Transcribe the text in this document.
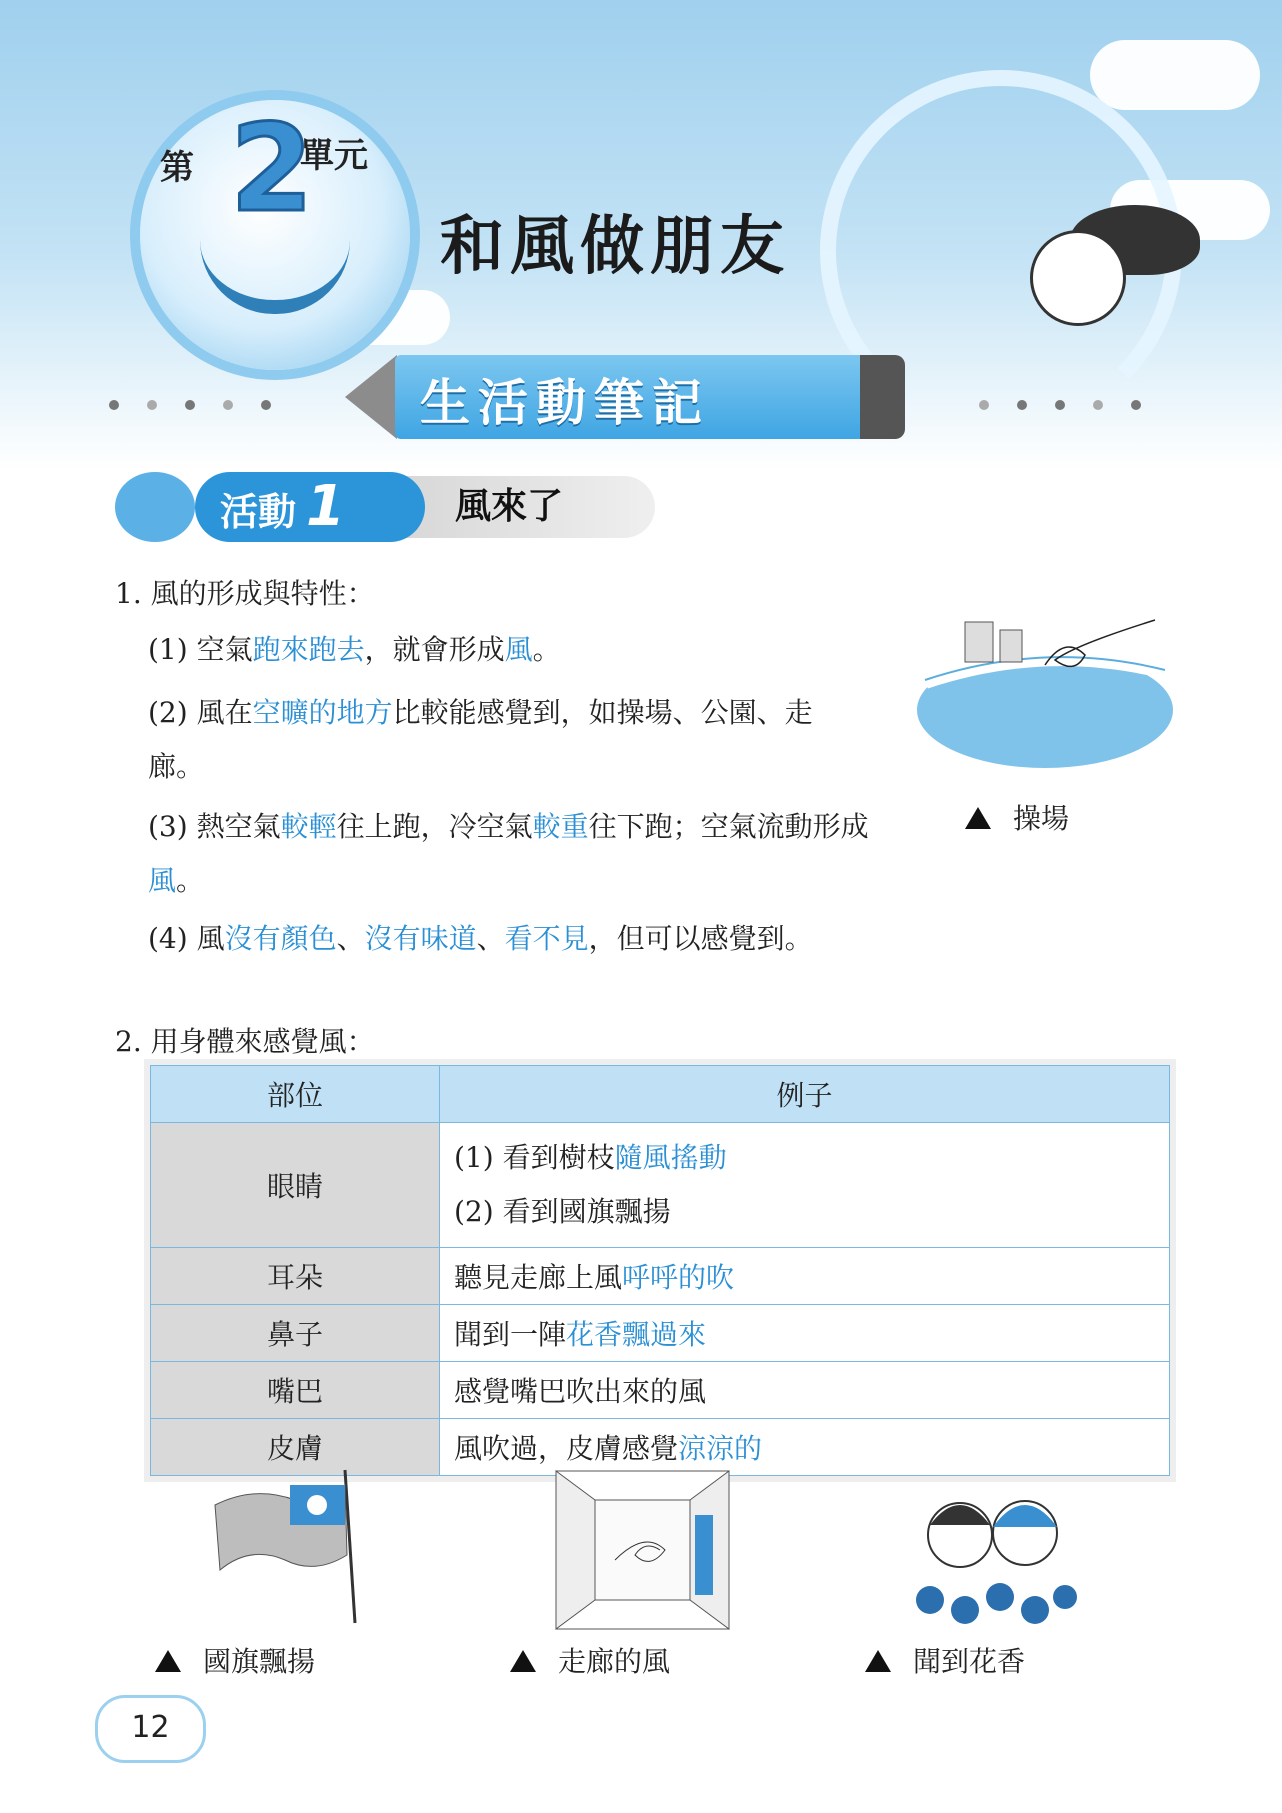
第 2
單元
和風做朋友
生活動筆記
風來了
活動 1
1. 風的形成與特性：
(1) 空氣跑來跑去，就會形成風。
(2) 風在空曠的地方比較能感覺到，如操場、公園、走廊。
(3) 熱空氣較輕往上跑，冷空氣較重往下跑；空氣流動形成風。
(4) 風沒有顏色、沒有味道、看不見，但可以感覺到。
操場
2. 用身體來感覺風：
部位	例子
眼睛	(1) 看到樹枝隨風搖動
(2) 看到國旗飄揚

耳朵	聽見走廊上風呼呼的吹
鼻子	聞到一陣花香飄過來
嘴巴	感覺嘴巴吹出來的風
皮膚	風吹過，皮膚感覺涼涼的
國旗飄揚	走廊的風	聞到花香
12
